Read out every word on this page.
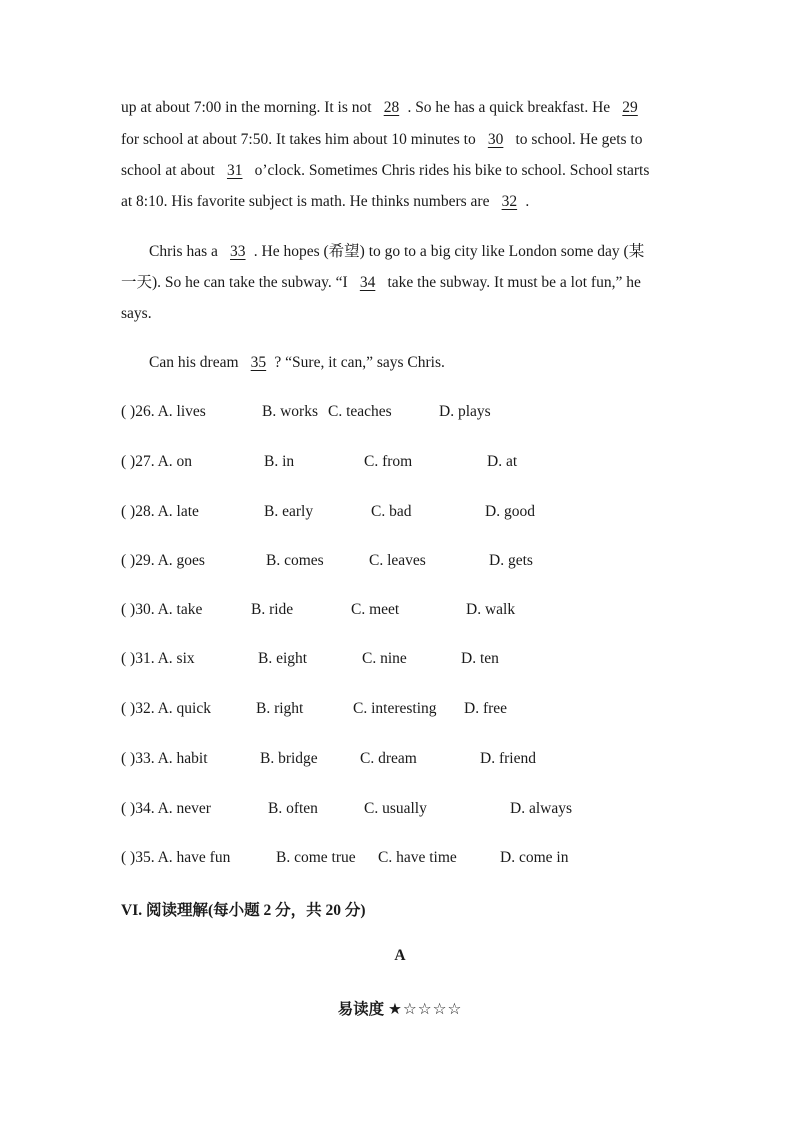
up at about 7:00 in the morning. It is not 28 . So he has a quick breakfast. He 29
for school at about 7:50. It takes him about 10 minutes to 30 to school. He gets to
school at about 31 o’clock. Sometimes Chris rides his bike to school. School starts
at 8:10. His favorite subject is math. He thinks numbers are 32 .
Chris has a 33 . He hopes (希望) to go to a big city like London some day (某
一天). So he can take the subway. “I 34 take the subway. It must be a lot fun,” he
says.
Can his dream 35 ? “Sure, it can,” says Chris.
( )26. A. lives	B. works C. teaches	D. plays
( )27. A. on	B. in	C. from	D. at
( )28. A. late	B. early	C. bad	D. good
( )29. A. goes	B. comes	C. leaves	D. gets
( )30. A. take	B. ride	C. meet	D. walk
( )31. A. six	B. eight	C. nine	D. ten
( )32. A. quick	B. right	C. interesting D. free
( )33. A. habit	B. bridge	C. dream	D. friend
( )34. A. never	B. often	C. usually	D. always
( )35. A. have fun	B. come true C. have time	D. come in
VI. 阅读理解(每小题 2 分，共 20 分)
A
易读度 ★☆☆☆☆
